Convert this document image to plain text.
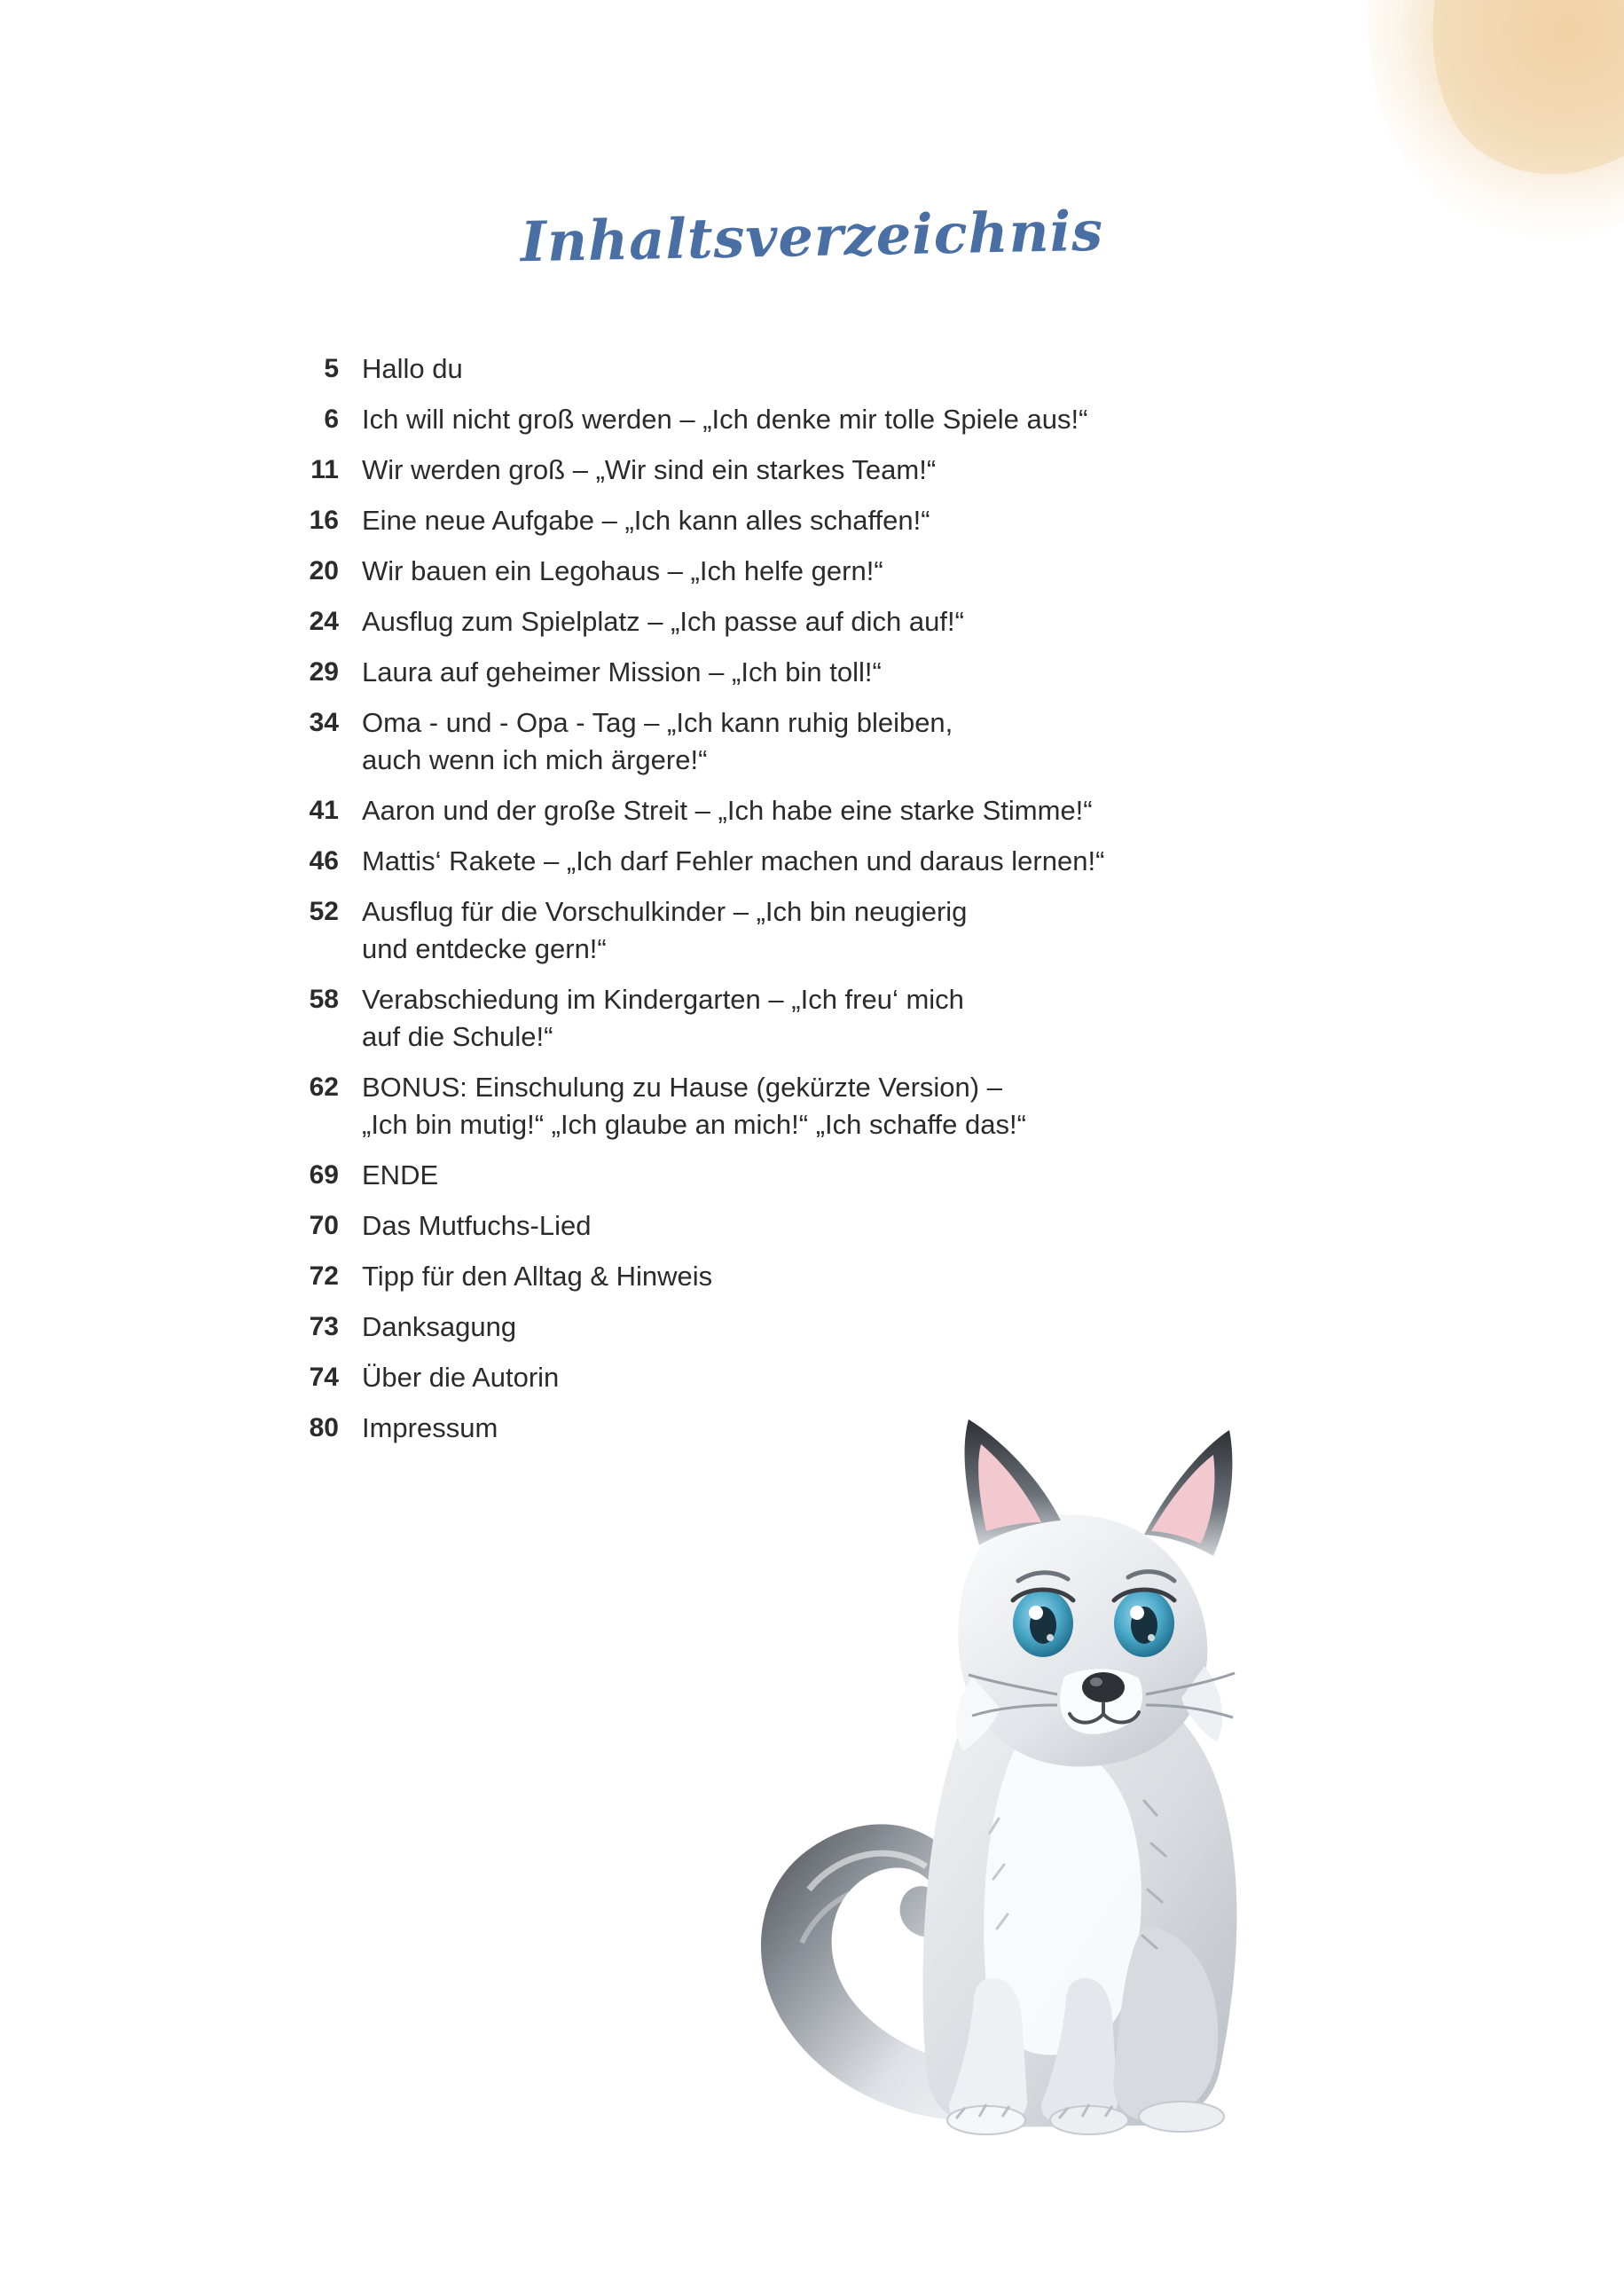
Inhaltsverzeichnis
5 Hallo du
6 Ich will nicht groß werden – „Ich denke mir tolle Spiele aus!“
11 Wir werden groß – „Wir sind ein starkes Team!“
16 Eine neue Aufgabe – „Ich kann alles schaffen!“
20 Wir bauen ein Legohaus – „Ich helfe gern!“
24 Ausflug zum Spielplatz – „Ich passe auf dich auf!“
29 Laura auf geheimer Mission – „Ich bin toll!“
34 Oma - und - Opa - Tag – „Ich kann ruhig bleiben,
auch wenn ich mich ärgere!“
41 Aaron und der große Streit – „Ich habe eine starke Stimme!“
46 Mattis‘ Rakete – „Ich darf Fehler machen und daraus lernen!“
52 Ausflug für die Vorschulkinder – „Ich bin neugierig
und entdecke gern!“
58 Verabschiedung im Kindergarten – „Ich freu‘ mich
auf die Schule!“
62 BONUS: Einschulung zu Hause (gekürzte Version) –
„Ich bin mutig!“ „Ich glaube an mich!“ „Ich schaffe das!“
69 ENDE
70 Das Mutfuchs-Lied
72 Tipp für den Alltag & Hinweis
73 Danksagung
74 Über die Autorin
80 Impressum
